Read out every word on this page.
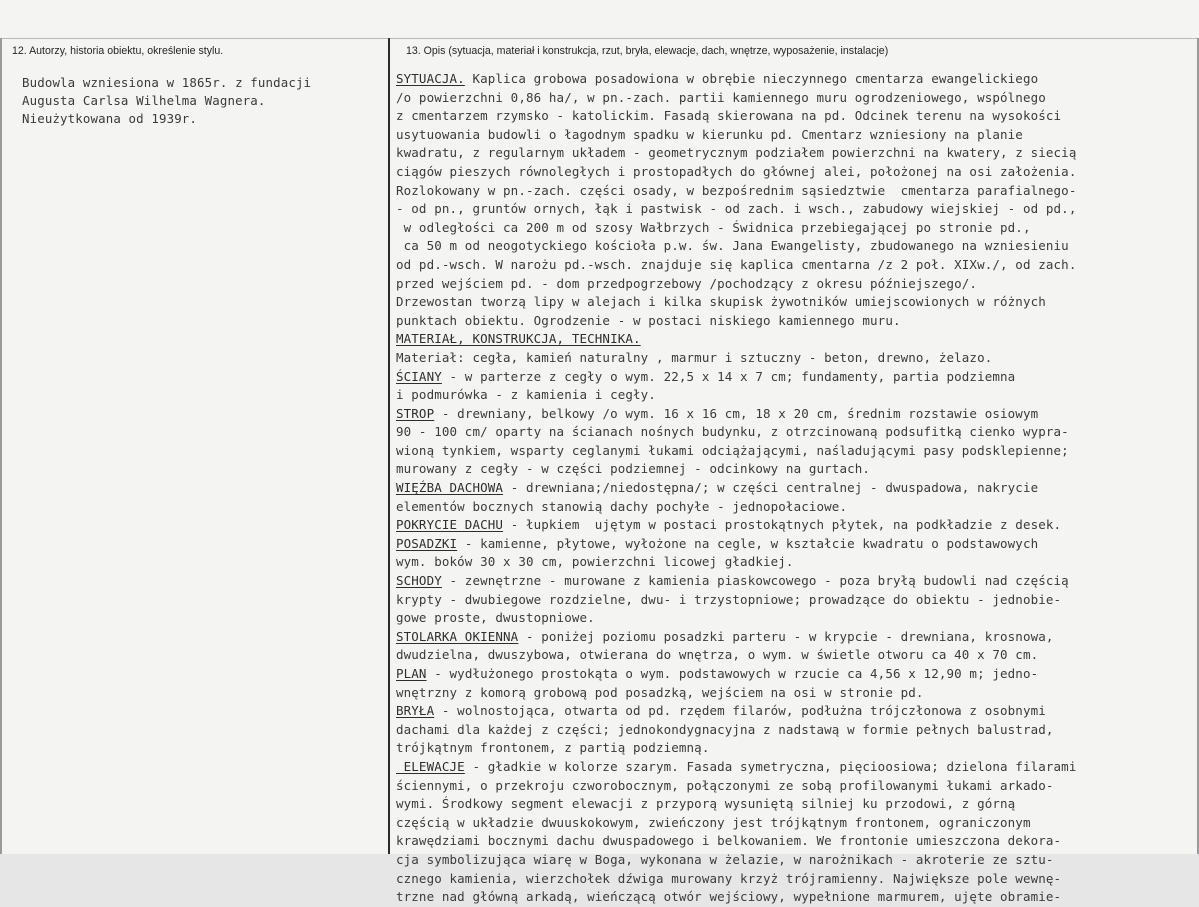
12. Autorzy, historia obiektu, określenie stylu.	13. Opis (sytuacja, materiał i konstrukcja, rzut, bryła, elewacje, dach, wnętrze, wyposażenie, instalacje)
Budowla wzniesiona w 1865r. z fundacji
Augusta Carlsa Wilhelma Wagnera.
Nieużytkowana od 1939r.
SYTUACJA. Kaplica grobowa posadowiona w obrębie nieczynnego cmentarza ewangelickiego
/o powierzchni 0,86 ha/, w pn.-zach. partii kamiennego muru ogrodzeniowego, wspólnego
z cmentarzem rzymsko - katolickim. Fasadą skierowana na pd. Odcinek terenu na wysokości
usytuowania budowli o łagodnym spadku w kierunku pd. Cmentarz wzniesiony na planie
kwadratu, z regularnym układem - geometrycznym podziałem powierzchni na kwatery, z siecią
ciągów pieszych równoległych i prostopadłych do głównej alei, położonej na osi założenia.
Rozlokowany w pn.-zach. części osady, w bezpośrednim sąsiedztwie  cmentarza parafialnego-
- od pn., gruntów ornych, łąk i pastwisk - od zach. i wsch., zabudowy wiejskiej - od pd.,
w odległości ca 200 m od szosy Wałbrzych - Świdnica przebiegającej po stronie pd.,
ca 50 m od neogotyckiego kościoła p.w. św. Jana Ewangelisty, zbudowanego na wzniesieniu
od pd.-wsch. W narożu pd.-wsch. znajduje się kaplica cmentarna /z 2 poł. XIXw./, od zach.
przed wejściem pd. - dom przedpogrzebowy /pochodzący z okresu późniejszego/.
Drzewostan tworzą lipy w alejach i kilka skupisk żywotników umiejscowionych w różnych
punktach obiektu. Ogrodzenie - w postaci niskiego kamiennego muru.
MATERIAŁ, KONSTRUKCJA, TECHNIKA.
Materiał: cegła, kamień naturalny , marmur i sztuczny - beton, drewno, żelazo.
ŚCIANY - w parterze z cegły o wym. 22,5 x 14 x 7 cm; fundamenty, partia podziemna
i podmurówka - z kamienia i cegły.
STROP - drewniany, belkowy /o wym. 16 x 16 cm, 18 x 20 cm, średnim rozstawie osiowym
90 - 100 cm/ oparty na ścianach nośnych budynku, z otrzcinowaną podsufitką cienko wypra-
wioną tynkiem, wsparty ceglanymi łukami odciążającymi, naśladującymi pasy podsklepienne;
murowany z cegły - w części podziemnej - odcinkowy na gurtach.
WIĘŹBA DACHOWA - drewniana;/niedostępna/; w części centralnej - dwuspadowa, nakrycie
elementów bocznych stanowią dachy pochyłe - jednopołaciowe.
POKRYCIE DACHU - łupkiem  ujętym w postaci prostokątnych płytek, na podkładzie z desek.
POSADZKI - kamienne, płytowe, wyłożone na cegle, w kształcie kwadratu o podstawowych
wym. boków 30 x 30 cm, powierzchni licowej gładkiej.
SCHODY - zewnętrzne - murowane z kamienia piaskowcowego - poza bryłą budowli nad częścią
krypty - dwubiegowe rozdzielne, dwu- i trzystopniowe; prowadzące do obiektu - jednobie-
gowe proste, dwustopniowe.
STOLARKA OKIENNA - poniżej poziomu posadzki parteru - w krypcie - drewniana, krosnowa,
dwudzielna, dwuszybowa, otwierana do wnętrza, o wym. w świetle otworu ca 40 x 70 cm.
PLAN - wydłużonego prostokąta o wym. podstawowych w rzucie ca 4,56 x 12,90 m; jedno-
wnętrzny z komorą grobową pod posadzką, wejściem na osi w stronie pd.
BRYŁA - wolnostojąca, otwarta od pd. rzędem filarów, podłużna trójczłonowa z osobnymi
dachami dla każdej z części; jednokondygnacyjna z nadstawą w formie pełnych balustrad,
trójkątnym frontonem, z partią podziemną.
ELEWACJE - gładkie w kolorze szarym. Fasada symetryczna, pięcioosiowa; dzielona filarami
ściennymi, o przekroju czworobocznym, połączonymi ze sobą profilowanymi łukami arkado-
wymi. Środkowy segment elewacji z przyporą wysuniętą silniej ku przodowi, z górną
częścią w układzie dwuuskokowym, zwieńczony jest trójkątnym frontonem, ograniczonym
krawędziami bocznymi dachu dwuspadowego i belkowaniem. We frontonie umieszczona dekora-
cja symbolizująca wiarę w Boga, wykonana w żelazie, w narożnikach - akroterie ze sztu-
cznego kamienia, wierzchołek dźwiga murowany krzyż trójramienny. Największe pole wewnę-
trzne nad główną arkadą, wieńczącą otwór wejściowy, wypełnione marmurem, ujęte obramie-
